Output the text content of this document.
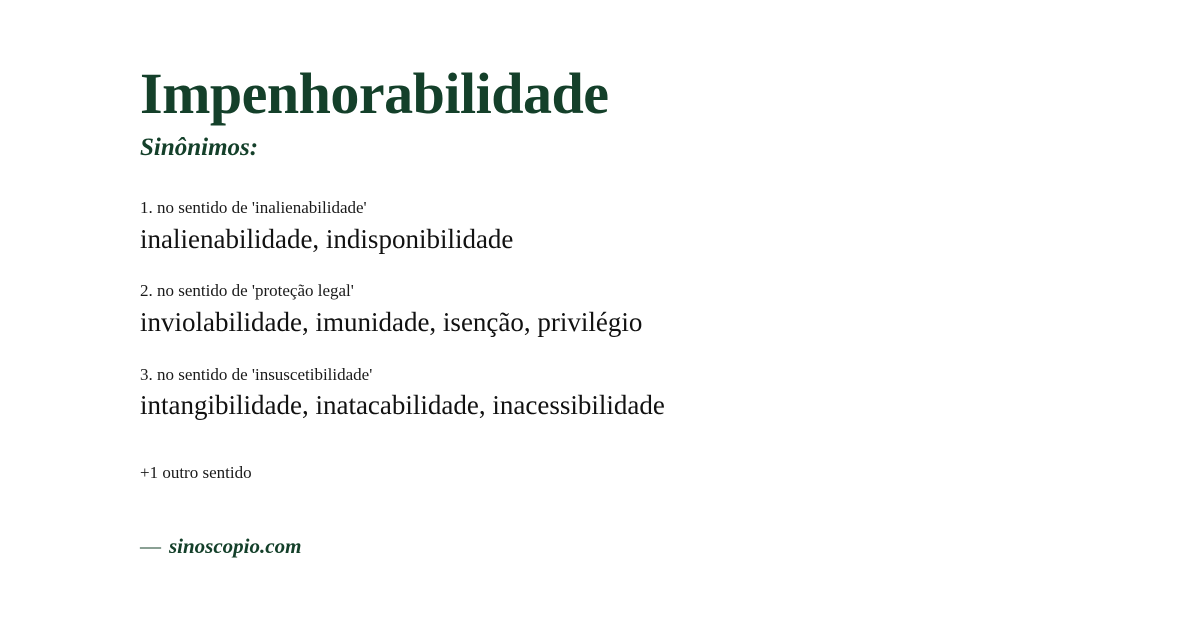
Impenhorabilidade
Sinônimos:
1. no sentido de 'inalienabilidade'
inalienabilidade, indisponibilidade
2. no sentido de 'proteção legal'
inviolabilidade, imunidade, isenção, privilégio
3. no sentido de 'insuscetibilidade'
intangibilidade, inatacabilidade, inacessibilidade
+1 outro sentido
— sinoscopio.com
